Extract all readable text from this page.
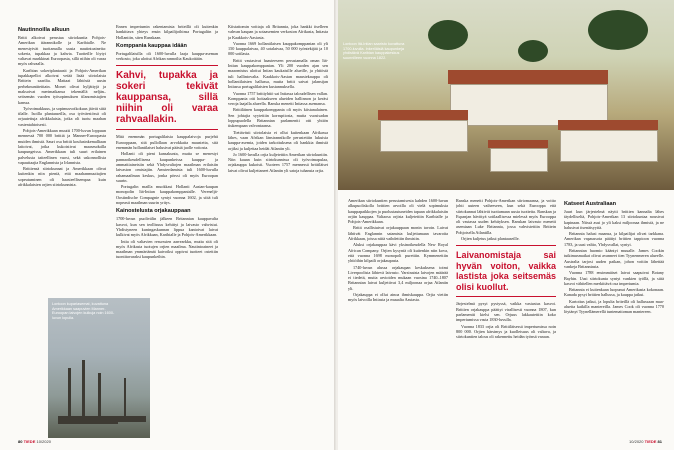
Nautinnoilla alkuun

Britit alkoivat perustaa siirtokuntia Pohjois-Amerikan itärannikolle ja Karibialle. Ne menestyivät tuottamalla uusia nautintoaineita: sokeria, tupakkaa ja kahvia. Tuotteille löytyi valtavat markkinat Euroopasta, sillä niihin oli varaa myös rahvaalla.

Karibian sokeriplantaasit ja Pohjois-Amerikan tupakkapellot alkoivat vetää lisää siirtolaisia Brittein saarilta. Mattaat lähtöstä uusin perheknuntiteittain. Monet olivat hyljättyjä ja maksoivat merimatkansa tekemällä neljän–seitsemän vuoden työsopimuksen tilanomistajien kanssa.

Työvoimakkuus, ja sopimusvoikokuus jäivät siitä tilalle. Isoilla plantaaseilla, osa työväestössä oli orjuutettuja afrikkalaisia, jotka oli tuotu maahan vastentahtoisesti.

Pohjois-Amerikkaan muutti 1700-luvun loppuun mennessä 700 000 brittiä ja Manner-Euroopasta muiden ihmistä. Sauri osa brittit koulusinkemalliaan laitoivat, jotka kukoistivat maaseuduilla kaupungeissa. Amerikkaan tuli suuri erilainen palvelusta taiteellinen vuosi, sekä uskonnollisia vapauttaajia Englannista ja Irlannista.

Brittiensä siirtokunnat ja Amerikkaan olivat kuitenkin niin pieniä, että maahanmuuttajien sopeutuminen oli haasteellisempaa kuin afrikkalaisten orjien siirtokunnista.

Lontoon kupariasemat, kuvattuna Amerikkaan saapuvien Manner-Euroopan laivojen kulkuja noin 1600-luvun lopulla.

Ennen imperiumin rakentamista briteillä oli kuitenkin hankittava yhteys ensin kilpailijoihinsa Portugaliin ja Hollantiin, siten Ranskaan.

Komppania kauppaa idään

Portugalilaisilla oli 1600-luvulla laaja kauppa-aseman verkosto, joka ulottui Afrikan rannoilta Kaukoitään.

Kahvi, tupakka ja sokeri tekivät kauppansa, sillä niihin oli varaa rahvaallakin.

Mitä enemmän portugalilaisia kauppalaivoja purjehti Eurooppaan, sitä pullollaan arvokkaita mausteita, sitä enemmän hollantilaiset halusivat päästä jaolle voitosta.

Hollanti oli pieni kansakunta, mutta se menestyi pannaoikeudellisena kaupunkeissa kauppa- ja ammattiaineisiin sekä Yhdysvaltojen maailman erilaisiin laivaston omistajiin. Amsterdamista tuli 1600-luvulla rahamaailman keskus, jonka pörssi oli myös Euroopan suurin.

Portugalin mailla muokkasi Hollanti Aasian-kaupan monopolin Itä-Intian kauppakomppanialle. Vereneljä-Oostindische Compagnie syntyi vuonna 1602, ja siitä tuli nopeasti maailman suurin yritys.

Kainostelusta orjakauppaan

1700-luvun puolivälin jälkeen Britannian kauppavalta kasvoi, kun sen teollisuus kehittyi ja laivasto vahvistui. Yhdistyneen kuningaskunnan lippua kantoivat laivat kulkivat myös Afrikkaan, Karibialle ja Pohjois-Amerikkaan.

Intia oli valtavien resurssien aarrearkku, mutta sitä oli myös Afrikasta tuotujen orjien maailma. Nautintoaineet ja maailman ymmärtämät kaivoiksi oppivat tuotteet ostettiin tuontitavaraksi kaupunkeihin.

Kiistattomin voittaja oli Britannia, joka hankki itselleen vahvan kaupan ja sotaasemien verkoston Afrikasta, Intiasta ja Kaakkois-Aasiasta.

Vuonna 1669 hollantilaisen kauppakomppanian oli yli 150 kauppalaivaa, 40 sotalaivaa, 50 000 työntekijää ja 10 000 sotilasta.

Britit vastasivat haasteeseen perustamalla oman Itä-Intian kauppakomppanian. Yli 200 vuoden ajan sen maaomistus ulottui Intian kaukaisille alueille, ja yhtiöstä tuli hallintovalta. Kaakkois-Aasian maustekauppa oli hollantilaisten hallussa, mutta britit saivat jalansijan Intiassa portugalilaisten kustannuksella.

Vuonna 1757 brittiyhtiö sai Intiassa taloudellisen vallan. Komppania otti hoitaakseen alueiden hallinnon ja keräsi veroja laajalla alueella. Ranska menetti Intiassa asemansa.

Brittiläinen kauppakomppania oli myös kiistanalainen. Sen johtajia syytettiin korruptiosta, mutta vuosisadan loppupuolella Britannian parlamentti otti yhtiön tiukempaan valvontaansa.

Tiettävästi siirtolaisia ei ollut kuitenkaan Afrikassa lähes, vaan Afrikan länsirannikolle perustettiin lukuisia kauppa-asemia, joiden tarkoituksena oli hankkia ihmisiä orjiksi ja kuljettaa heidät Atlantin yli.

Jo 1600-luvulla orjia kuljetettiin Amerikan siirtokuntiin. Niin kauan kuin siirtokunnissa oli työvoimapulaa, orjakauppa kukoisti. Vuoteen 1757 mennessä brittiläiset laivat olivat kuljettaneet Atlantin yli satoja tuhansia orjia.

80 TIEDE 10/2020
Lontoon Itä-Intian saaristo kuvattuna 1700-luvulla. Inkeriläisiä kaupunkeja yhdistävä Karibian kauppakeskus suunnilleen vuonna 1822.

Amerikan siirtokuntien perustamisesta kahden 1600-luvun alkupuoliskolla brittien arvoilla oli vielä sopimuksia kauppapaikkojen ja puolustautuneiden tapaan afrikkalaisiin orjiin kauppaa. Valtaosa orjista kuljetettiin Karibialle ja Pohjois-Amerikkaan.

Britit osallistuivat orjakauppaan monin tavoin. Laivat lähtivät Englannin satamista kuljettamaan tavaroita Afrikkaan, joissa niitä vaihdettiin ihmisiin.

Aluksi orjakauppaa kävi yksinoikeudella New Royal African Company. Orjien kysyntä oli kuitenkin niin kova, että vuonna 1698 monopoli purettiin. Kymmenettiin yhtiöihin kilpaili orjakaupasta.

1740-luvun alussa orjakaupan keskuksena toimi Liverpoolista lähtevä laivasto. Varsinaista laivojen määrää ei tiedetä, mutta arvioiden mukaan vuosina 1740–1807 Britannian laivat kuljettivat 3,4 miljoonaa orjaa Atlantin yli.

Orjakauppa ei ollut ainoa ihmiskauppa. Orjia vietiin myös laivoilla Intiasta ja muualta Aasiasta.

Ranska menetti Pohjois-Amerikan siirtomaansa, ja voitto johti uuteen vaiheeseen, kun sekä Eurooppa että siirtokunnat lähtivät tuottamaan uusia tuotteita. Ranskan ja Espanjan hävittyä sotilaallisessa mielessä myös Eurooppa oli vastassa uuden kehityksen. Ranskan laivasto menetti asemiaan Luke Britannia, jossa vahvistettiin Brittein Pohjoisella Atlantilla.

Orjien kuljetus jatkui plantaaseille.

Laivanomistaja sai hyvän voiton, vaikka lastista joka seitsemäs olisi kuollut.

Järjestelmä pysyi pystyssä, vaikka vastustus kasvoi. Brittien orjakauppa päättyi virallisesti vuonna 1807, kun parlamentti kielsi sen. Orjuus lakkautettiin koko imperiumissa vasta 1830-luvulla.

Vuonna 1833 orjia oli Brittiläisessä imperiumissa noin 800 000. Orjien kärsimys ja kuolleisuus oli valtava, ja siirtokuntien talous oli rakennettu heidän työnsä varaan.

Katseet Australiaan

Juuri kun järjestelmä näytti brittien kannalta lähes täydelliseltä, Pohjois-Amerikan 13 siirtokuntaa nousivat kapinaan. Niissä asui jo yli kaksi miljoonaa ihmistä, ja ne halusivat itsenäisyyttä.

Britannia halusi maansa, ja kilpailijat olivat tarkkana. Amerikan vapaussota päättyi brittien tappioon vuonna 1783, ja uusi valtio, Yhdysvallat, syntyi.

Britannian huomio kääntyi muualle. James Cookin tutkimusmatkat olivat avanneet tien Tyynenmeren alueelle. Australia tarjosi uuden paikan, johon voitiin lähettää vankeja Britanniasta.

Vuonna 1788 ensimmäiset laivat saapuivat Botany Bayhin. Uusi siirtokunta syntyi vankien työllä, ja siitä kasvoi vähitellen merkittävä osa imperiumia.

Britannia ei kuitenkaan luopunut Amerikasta kokonaan. Kanada pysyi brittien hallussa, ja kauppa jatkui.

Kartoitus jatkui, ja lopulta briteillä oli hallussaan maa-alueita kaikilla mantereilla. James Cook oli vuonna 1770 löytänyt Tyynellämerellä tuntemattoman mantereen.

10/2020 TIEDE 81
